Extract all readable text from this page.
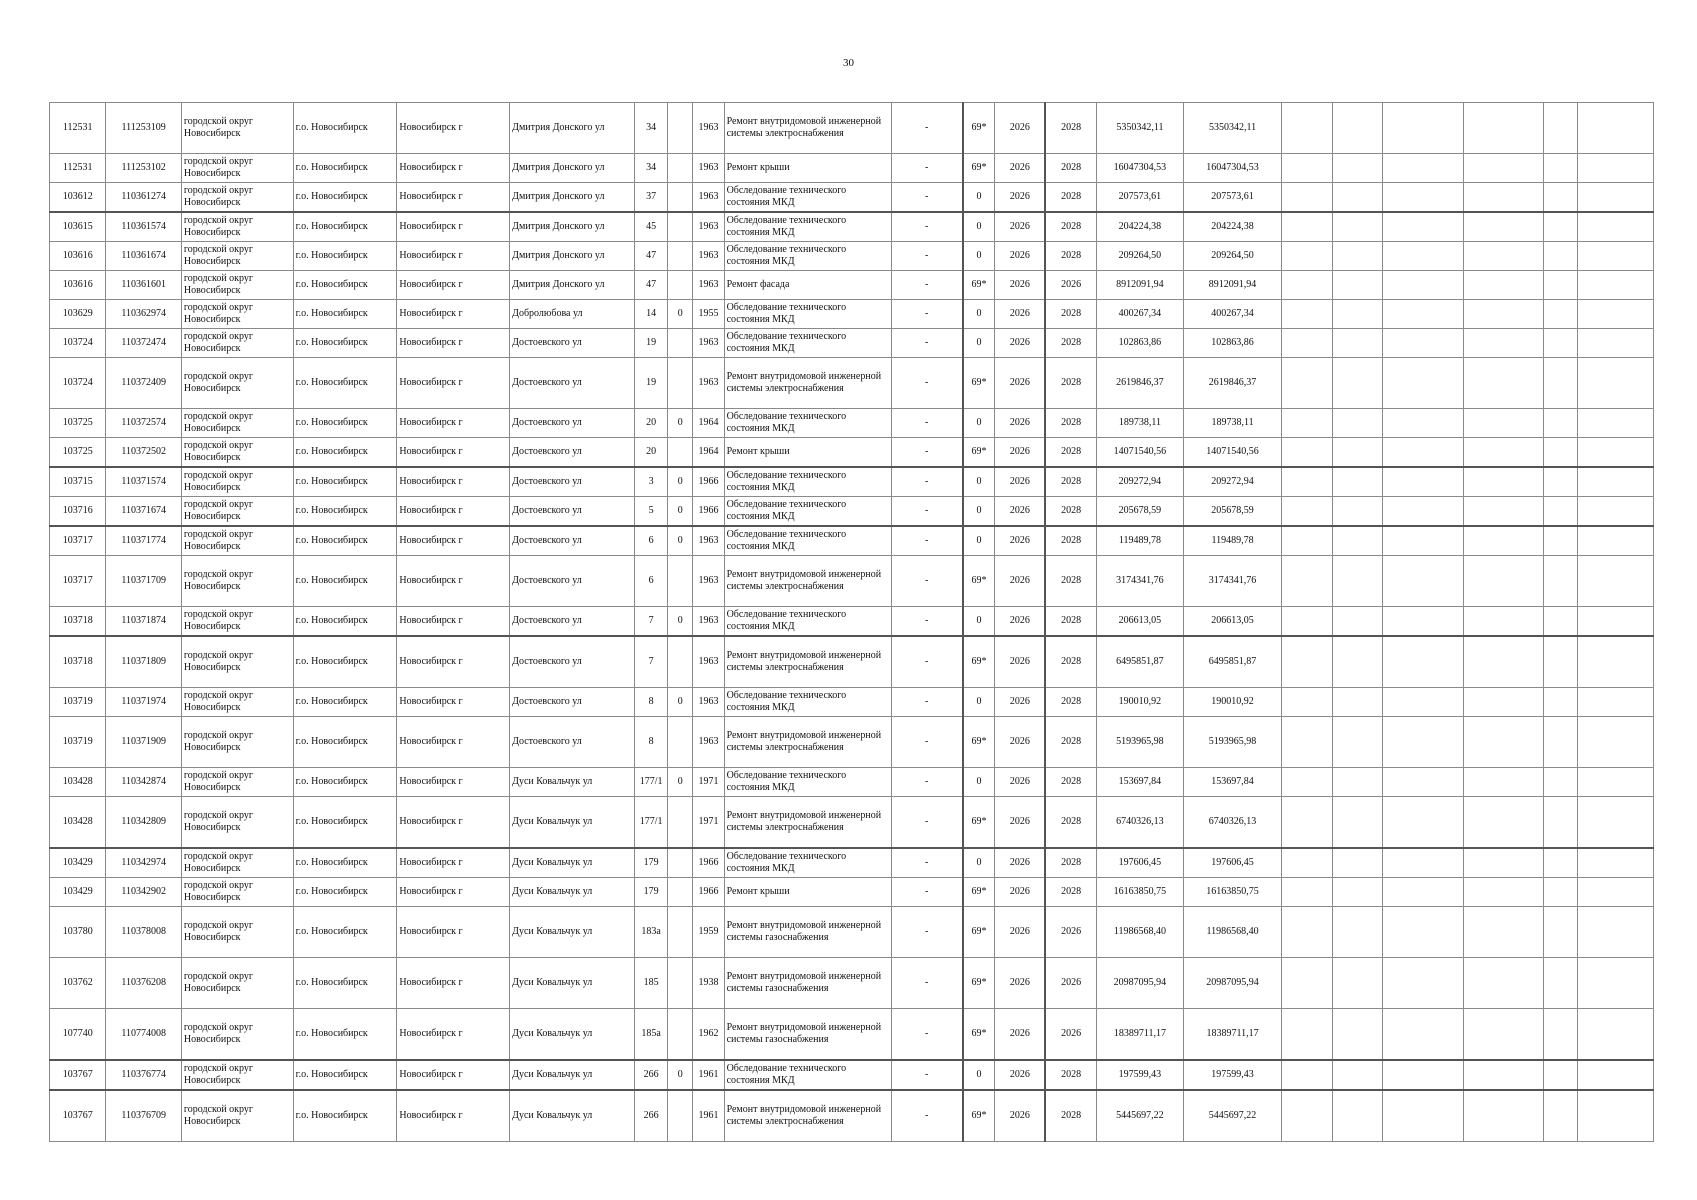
30
112531	111253109	городской округ Новосибирск	г.о. Новосибирск	Новосибирск г	Дмитрия Донского ул	34		1963	Ремонт внутридомовой инженерной системы электроснабжения	-	69*	2026	2028	5350342,11	5350342,11						
112531	111253102	городской округ Новосибирск	г.о. Новосибирск	Новосибирск г	Дмитрия Донского ул	34		1963	Ремонт крыши	-	69*	2026	2028	16047304,53	16047304,53						
103612	110361274	городской округ Новосибирск	г.о. Новосибирск	Новосибирск г	Дмитрия Донского ул	37		1963	Обследование технического состояния МКД	-	0	2026	2028	207573,61	207573,61						
103615	110361574	городской округ Новосибирск	г.о. Новосибирск	Новосибирск г	Дмитрия Донского ул	45		1963	Обследование технического состояния МКД	-	0	2026	2028	204224,38	204224,38						
103616	110361674	городской округ Новосибирск	г.о. Новосибирск	Новосибирск г	Дмитрия Донского ул	47		1963	Обследование технического состояния МКД	-	0	2026	2028	209264,50	209264,50						
103616	110361601	городской округ Новосибирск	г.о. Новосибирск	Новосибирск г	Дмитрия Донского ул	47		1963	Ремонт фасада	-	69*	2026	2026	8912091,94	8912091,94						
103629	110362974	городской округ Новосибирск	г.о. Новосибирск	Новосибирск г	Добролюбова ул	14	0	1955	Обследование технического состояния МКД	-	0	2026	2028	400267,34	400267,34						
103724	110372474	городской округ Новосибирск	г.о. Новосибирск	Новосибирск г	Достоевского ул	19		1963	Обследование технического состояния МКД	-	0	2026	2028	102863,86	102863,86						
103724	110372409	городской округ Новосибирск	г.о. Новосибирск	Новосибирск г	Достоевского ул	19		1963	Ремонт внутридомовой инженерной системы электроснабжения	-	69*	2026	2028	2619846,37	2619846,37						
103725	110372574	городской округ Новосибирск	г.о. Новосибирск	Новосибирск г	Достоевского ул	20	0	1964	Обследование технического состояния МКД	-	0	2026	2028	189738,11	189738,11						
103725	110372502	городской округ Новосибирск	г.о. Новосибирск	Новосибирск г	Достоевского ул	20		1964	Ремонт крыши	-	69*	2026	2028	14071540,56	14071540,56						
103715	110371574	городской округ Новосибирск	г.о. Новосибирск	Новосибирск г	Достоевского ул	3	0	1966	Обследование технического состояния МКД	-	0	2026	2028	209272,94	209272,94						
103716	110371674	городской округ Новосибирск	г.о. Новосибирск	Новосибирск г	Достоевского ул	5	0	1966	Обследование технического состояния МКД	-	0	2026	2028	205678,59	205678,59						
103717	110371774	городской округ Новосибирск	г.о. Новосибирск	Новосибирск г	Достоевского ул	6	0	1963	Обследование технического состояния МКД	-	0	2026	2028	119489,78	119489,78						
103717	110371709	городской округ Новосибирск	г.о. Новосибирск	Новосибирск г	Достоевского ул	6		1963	Ремонт внутридомовой инженерной системы электроснабжения	-	69*	2026	2028	3174341,76	3174341,76						
103718	110371874	городской округ Новосибирск	г.о. Новосибирск	Новосибирск г	Достоевского ул	7	0	1963	Обследование технического состояния МКД	-	0	2026	2028	206613,05	206613,05						
103718	110371809	городской округ Новосибирск	г.о. Новосибирск	Новосибирск г	Достоевского ул	7		1963	Ремонт внутридомовой инженерной системы электроснабжения	-	69*	2026	2028	6495851,87	6495851,87						
103719	110371974	городской округ Новосибирск	г.о. Новосибирск	Новосибирск г	Достоевского ул	8	0	1963	Обследование технического состояния МКД	-	0	2026	2028	190010,92	190010,92						
103719	110371909	городской округ Новосибирск	г.о. Новосибирск	Новосибирск г	Достоевского ул	8		1963	Ремонт внутридомовой инженерной системы электроснабжения	-	69*	2026	2028	5193965,98	5193965,98						
103428	110342874	городской округ Новосибирск	г.о. Новосибирск	Новосибирск г	Дуси Ковальчук ул	177/1	0	1971	Обследование технического состояния МКД	-	0	2026	2028	153697,84	153697,84						
103428	110342809	городской округ Новосибирск	г.о. Новосибирск	Новосибирск г	Дуси Ковальчук ул	177/1		1971	Ремонт внутридомовой инженерной системы электроснабжения	-	69*	2026	2028	6740326,13	6740326,13						
103429	110342974	городской округ Новосибирск	г.о. Новосибирск	Новосибирск г	Дуси Ковальчук ул	179		1966	Обследование технического состояния МКД	-	0	2026	2028	197606,45	197606,45						
103429	110342902	городской округ Новосибирск	г.о. Новосибирск	Новосибирск г	Дуси Ковальчук ул	179		1966	Ремонт крыши	-	69*	2026	2028	16163850,75	16163850,75						
103780	110378008	городской округ Новосибирск	г.о. Новосибирск	Новосибирск г	Дуси Ковальчук ул	183а		1959	Ремонт внутридомовой инженерной системы газоснабжения	-	69*	2026	2026	11986568,40	11986568,40						
103762	110376208	городской округ Новосибирск	г.о. Новосибирск	Новосибирск г	Дуси Ковальчук ул	185		1938	Ремонт внутридомовой инженерной системы газоснабжения	-	69*	2026	2026	20987095,94	20987095,94						
107740	110774008	городской округ Новосибирск	г.о. Новосибирск	Новосибирск г	Дуси Ковальчук ул	185а		1962	Ремонт внутридомовой инженерной системы газоснабжения	-	69*	2026	2026	18389711,17	18389711,17						
103767	110376774	городской округ Новосибирск	г.о. Новосибирск	Новосибирск г	Дуси Ковальчук ул	266	0	1961	Обследование технического состояния МКД	-	0	2026	2028	197599,43	197599,43						
103767	110376709	городской округ Новосибирск	г.о. Новосибирск	Новосибирск г	Дуси Ковальчук ул	266		1961	Ремонт внутридомовой инженерной системы электроснабжения	-	69*	2026	2028	5445697,22	5445697,22						
